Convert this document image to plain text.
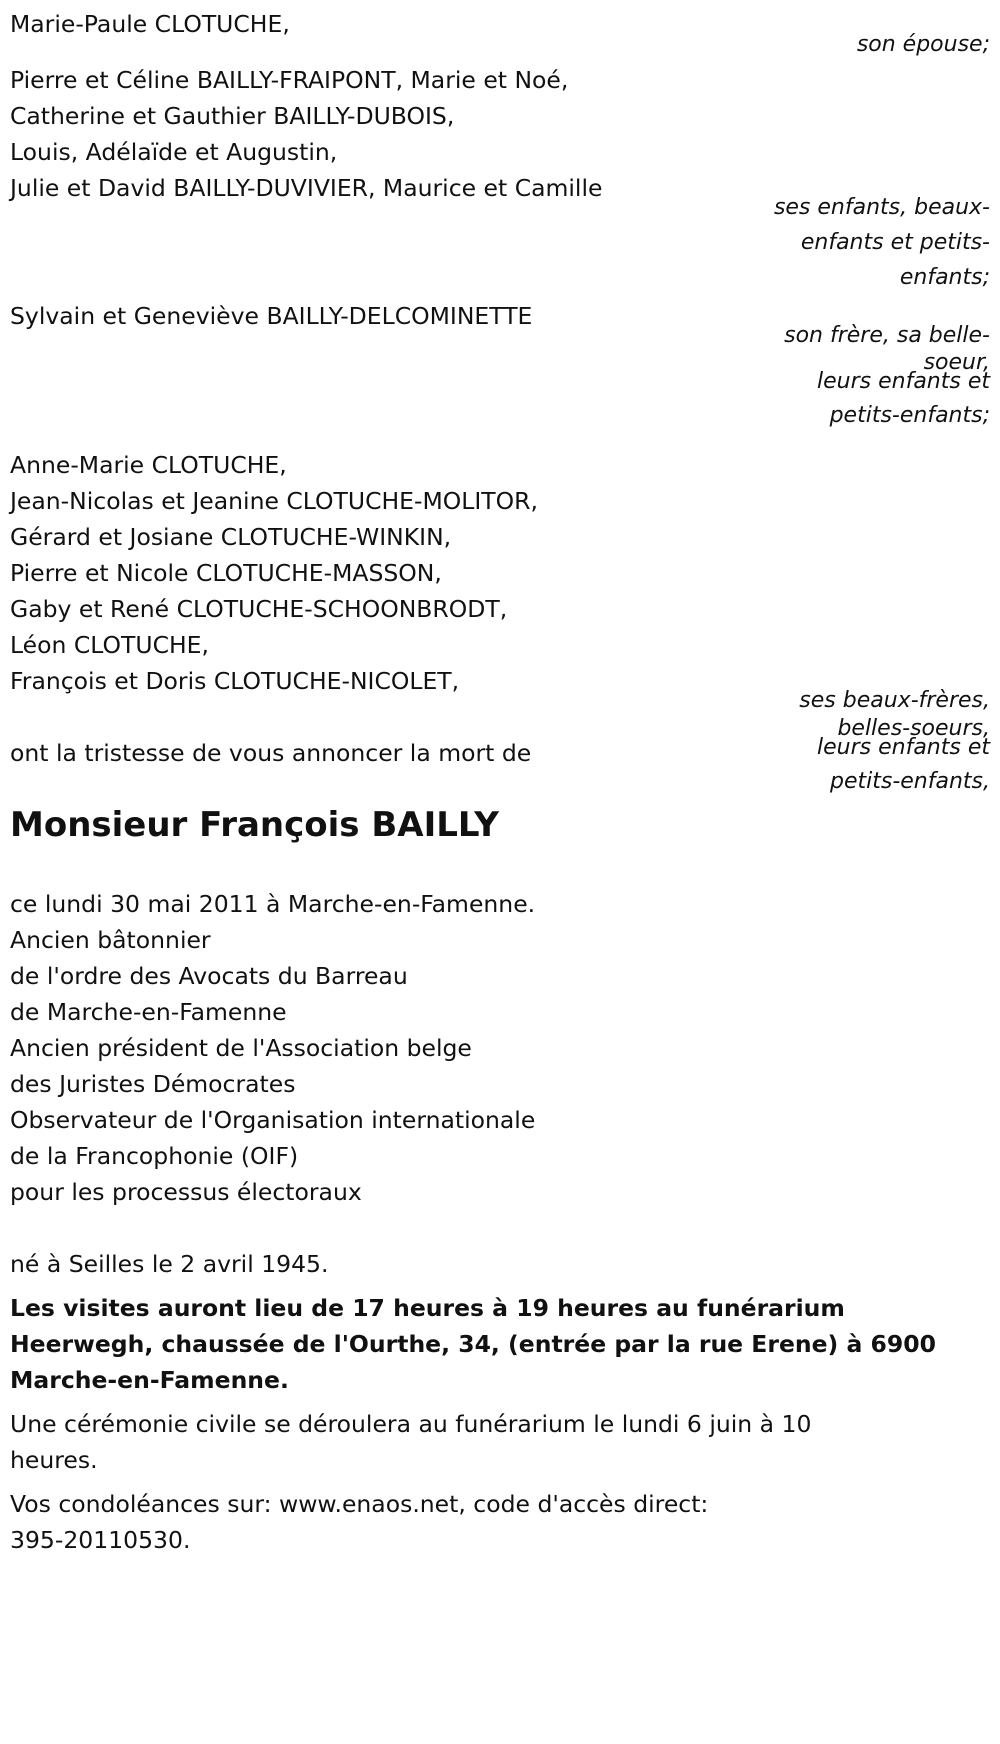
Marie-Paule CLOTUCHE,
son épouse;
Pierre et Céline BAILLY-FRAIPONT, Marie et Noé,
Catherine et Gauthier BAILLY-DUBOIS,
Louis, Adélaïde et Augustin,
Julie et David BAILLY-DUVIVIER, Maurice et Camille
ses enfants, beaux-
enfants et petits-
enfants;
Sylvain et Geneviève BAILLY-DELCOMINETTE
son frère, sa belle-
soeur,
leurs enfants et
petits-enfants;
Anne-Marie CLOTUCHE,
Jean-Nicolas et Jeanine CLOTUCHE-MOLITOR,
Gérard et Josiane CLOTUCHE-WINKIN,
Pierre et Nicole CLOTUCHE-MASSON,
Gaby et René CLOTUCHE-SCHOONBRODT,
Léon CLOTUCHE,
François et Doris CLOTUCHE-NICOLET,
ses beaux-frères,
belles-soeurs,
leurs enfants et
petits-enfants,
ont la tristesse de vous annoncer la mort de
Monsieur François BAILLY
ce lundi 30 mai 2011 à Marche-en-Famenne.
Ancien bâtonnier
de l'ordre des Avocats du Barreau
de Marche-en-Famenne
Ancien président de l'Association belge
des Juristes Démocrates
Observateur de l'Organisation internationale
de la Francophonie (OIF)
pour les processus électoraux
né à Seilles le 2 avril 1945.
Les visites auront lieu de 17 heures à 19 heures au funérarium
Heerwegh, chaussée de l'Ourthe, 34, (entrée par la rue Erene) à 6900
Marche-en-Famenne.
Une cérémonie civile se déroulera au funérarium le lundi 6 juin à 10
heures.
Vos condoléances sur: www.enaos.net, code d'accès direct:
395-20110530.
